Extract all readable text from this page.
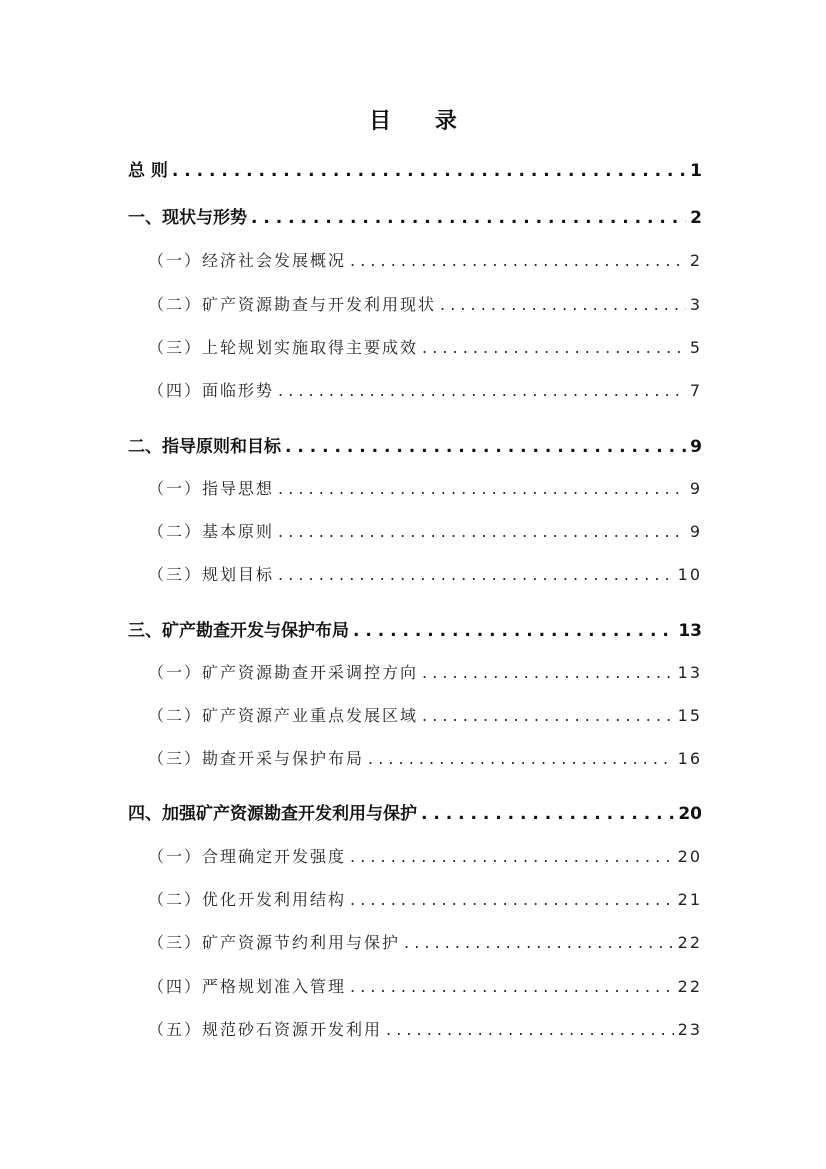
目 录
总 则 . . .	1
一、现状与形势 . . .	2
（一）经济社会发展概况 . . .	2
（二）矿产资源勘查与开发利用现状 . . .	3
（三）上轮规划实施取得主要成效 . . .	5
（四）面临形势 . . .	7
二、指导原则和目标 . . .	9
（一）指导思想 . . .	9
（二）基本原则 . . .	9
（三）规划目标 . . .	10
三、矿产勘查开发与保护布局 . . .	13
（一）矿产资源勘查开采调控方向 . . .	13
（二）矿产资源产业重点发展区域 . . .	15
（三）勘查开采与保护布局 . . .	16
四、加强矿产资源勘查开发利用与保护 . . .	20
（一）合理确定开发强度 . . .	20
（二）优化开发利用结构 . . .	21
（三）矿产资源节约利用与保护 . . .	22
（四）严格规划准入管理 . . .	22
（五）规范砂石资源开发利用 . . .	23
